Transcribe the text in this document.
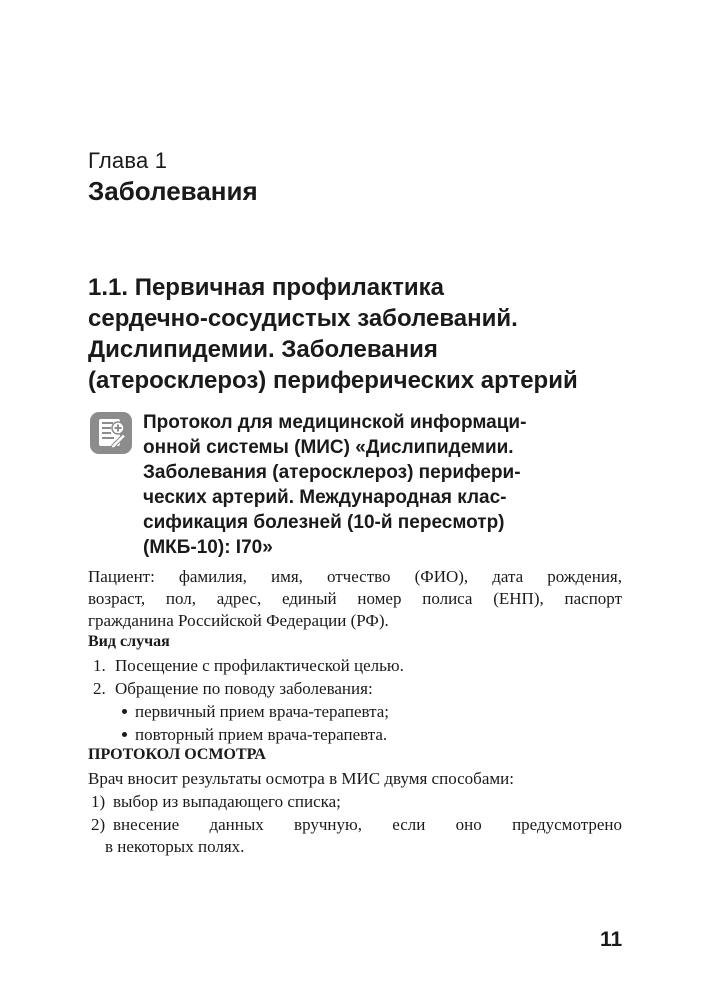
Глава 1
Заболевания
1.1. Первичная профилактика
сердечно-сосудистых заболеваний.
Дислипидемии. Заболевания
(атеросклероз) периферических артерий
Протокол для медицинской информаци-
онной системы (МИС) «Дислипидемии.
Заболевания (атеросклероз) перифери-
ческих артерий. Международная клас-
сификация болезней (10-й пересмотр)
(МКБ-10): I70»
Пациент: фамилия, имя, отчество (ФИО), дата рождения,
возраст, пол, адрес, единый номер полиса (ЕНП), паспорт
гражданина Российской Федерации (РФ).
Вид случая
1. Посещение с профилактической целью.
2. Обращение по поводу заболевания:
первичный прием врача-терапевта;
повторный прием врача-терапевта.
ПРОТОКОЛ ОСМОТРА
Врач вносит результаты осмотра в МИС двумя способами:
1) выбор из выпадающего списка;
2) внесение данных вручную, если оно предусмотрено
в некоторых полях.
11
